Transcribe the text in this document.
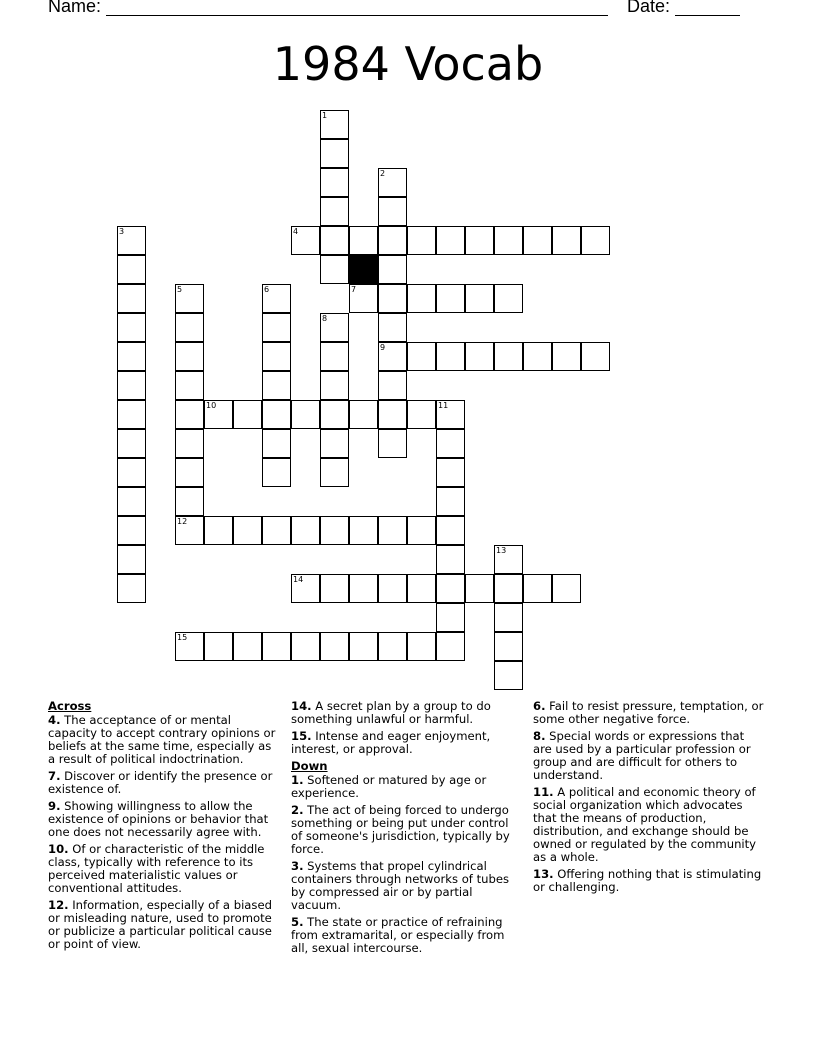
Name:	Date:
1984 Vocab
1
2
9
3	4
5	6	7
8
10	11
12
13
14
15
Across
4. The acceptance of or mental capacity to accept contrary opinions or beliefs at the same time, especially as a result of political indoctrination.
7. Discover or identify the presence or existence of.
9. Showing willingness to allow the existence of opinions or behavior that one does not necessarily agree with.
10. Of or characteristic of the middle class, typically with reference to its perceived materialistic values or conventional attitudes.
12. Information, especially of a biased or misleading nature, used to promote or publicize a particular political cause or point of view.
14. A secret plan by a group to do something unlawful or harmful.
15. Intense and eager enjoyment, interest, or approval.
Down
1. Softened or matured by age or experience.
2. The act of being forced to undergo something or being put under control of someone's jurisdiction, typically by force.
3. Systems that propel cylindrical containers through networks of tubes by compressed air or by partial vacuum.
5. The state or practice of refraining from extramarital, or especially from all, sexual intercourse.
6. Fail to resist pressure, temptation, or some other negative force.
8. Special words or expressions that are used by a particular profession or group and are difficult for others to understand.
11. A political and economic theory of social organization which advocates that the means of production, distribution, and exchange should be owned or regulated by the community as a whole.
13. Offering nothing that is stimulating or challenging.
